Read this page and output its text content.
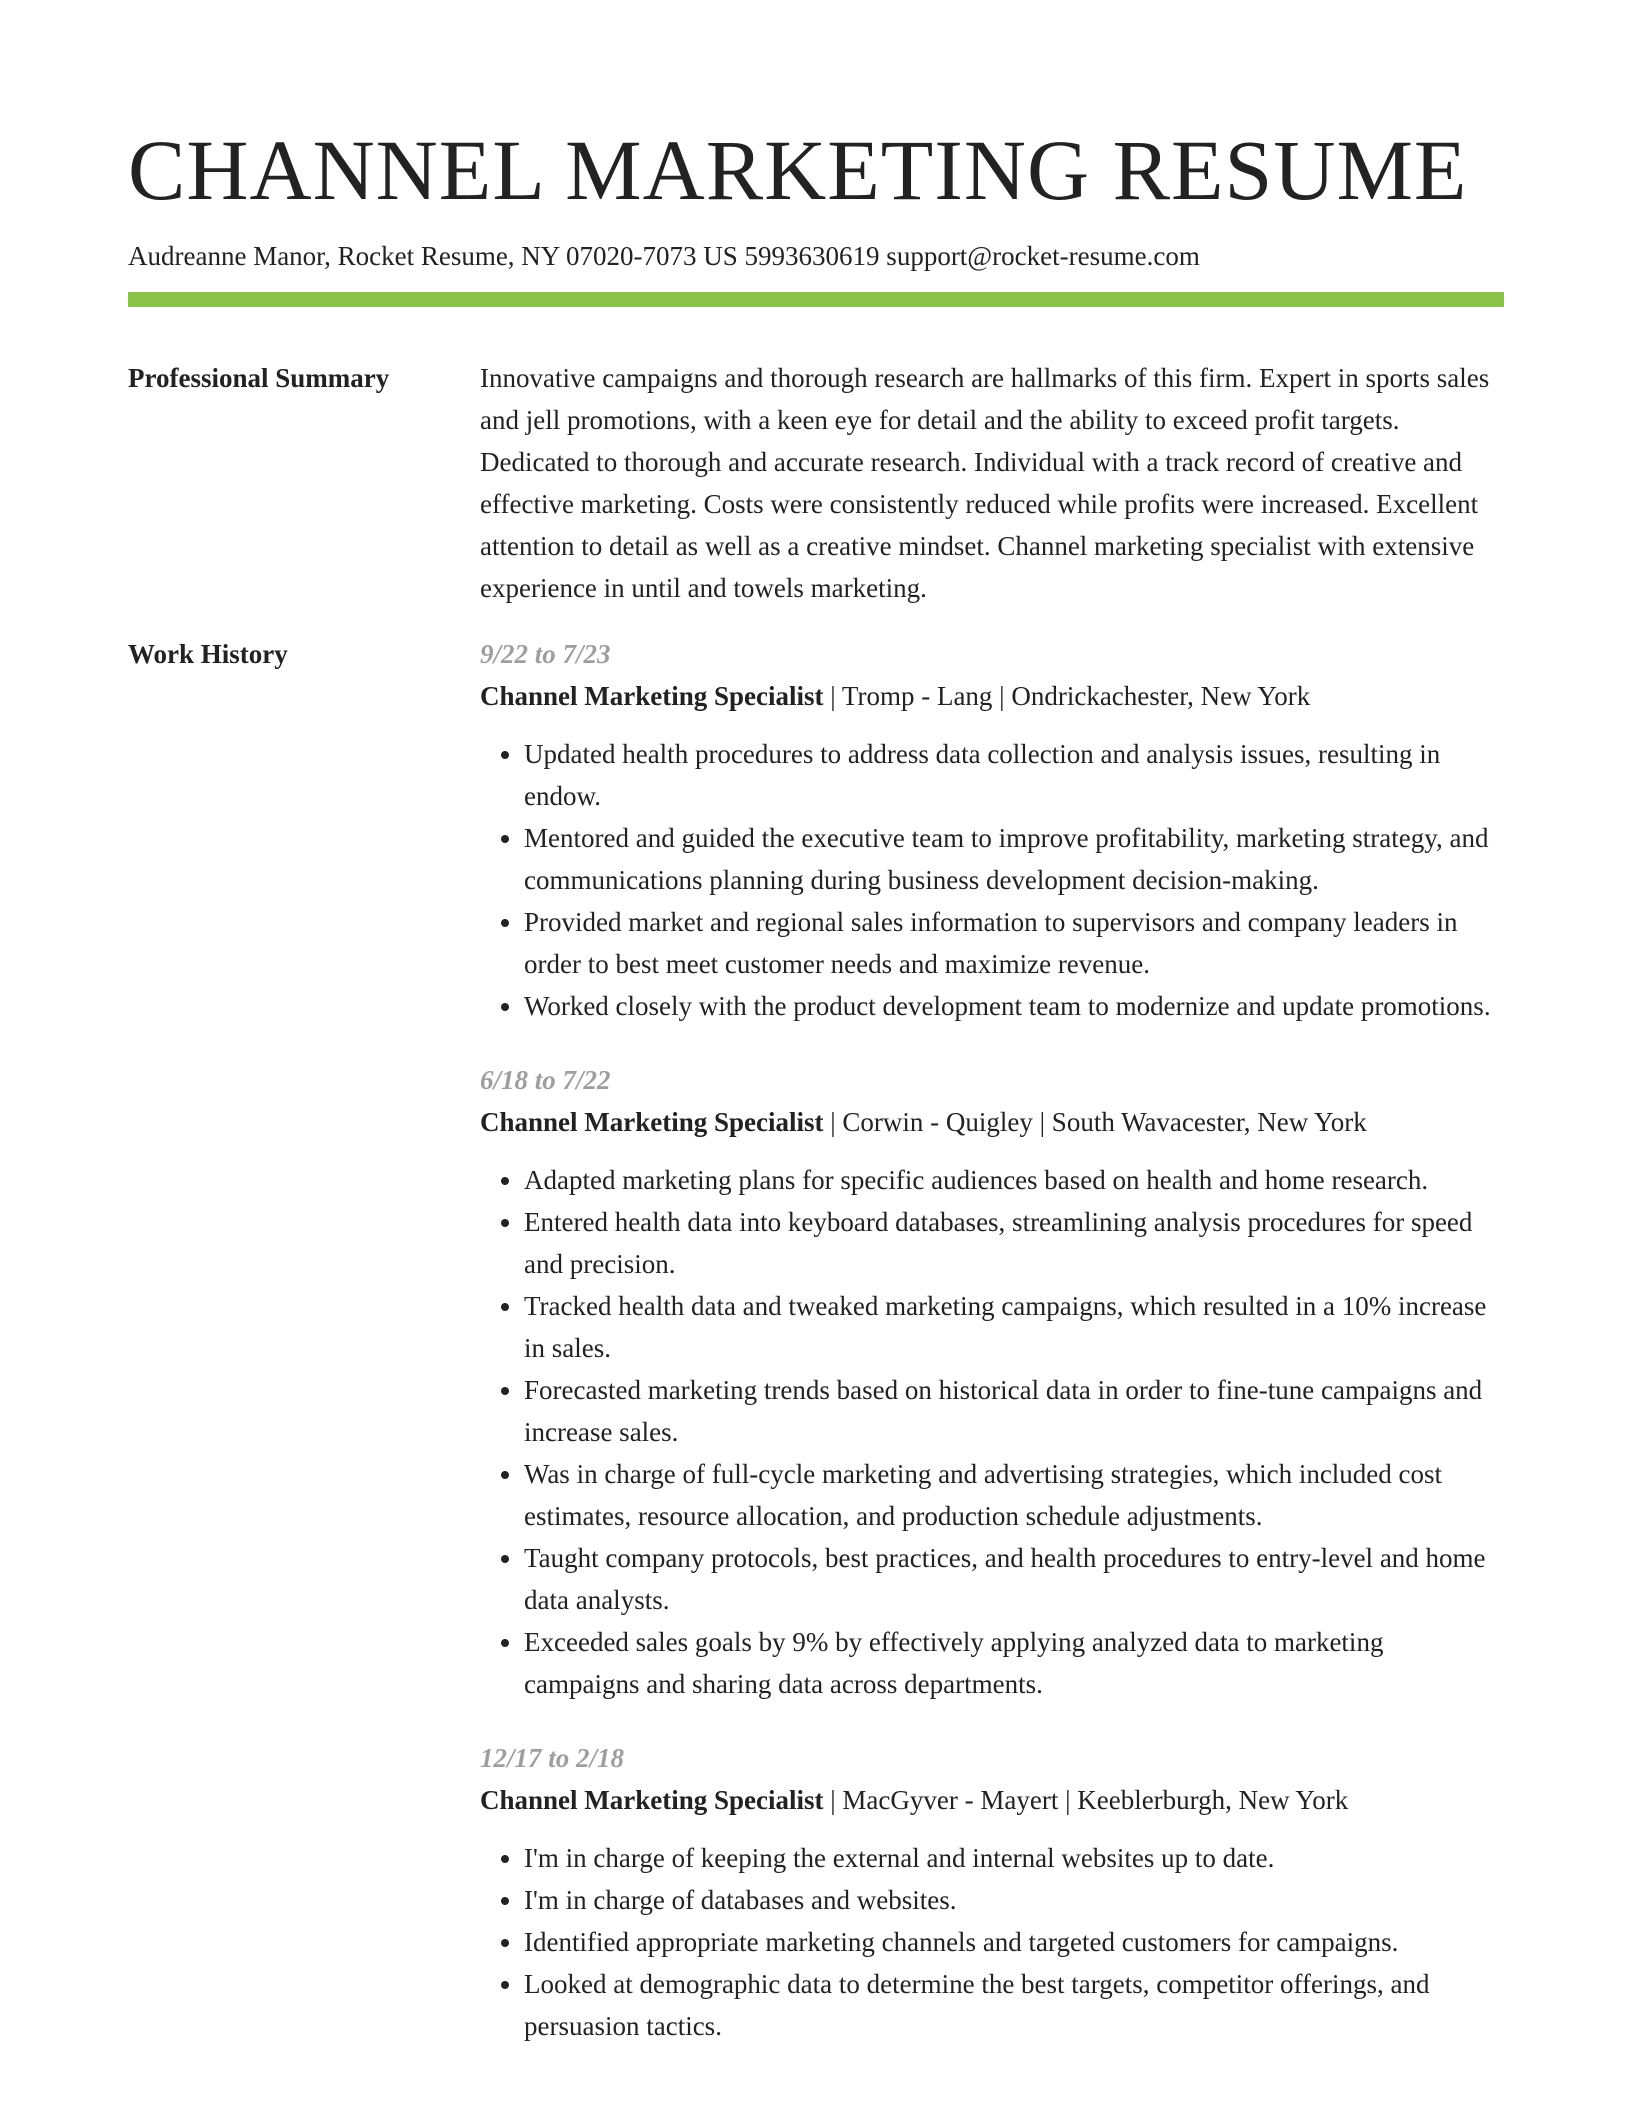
CHANNEL MARKETING RESUME
Audreanne Manor, Rocket Resume, NY 07020-7073 US 5993630619 support@rocket-resume.com
Professional Summary	Innovative campaigns and thorough research are hallmarks of this firm. Expert in sports sales and jell promotions, with a keen eye for detail and the ability to exceed profit targets. Dedicated to thorough and accurate research. Individual with a track record of creative and effective marketing. Costs were consistently reduced while profits were increased. Excellent attention to detail as well as a creative mindset. Channel marketing specialist with extensive experience in until and towels marketing.

Work History	9/22 to 7/23
Channel Marketing Specialist | Tromp - Lang | Ondrickachester, New York
• Updated health procedures to address data collection and analysis issues, resulting in endow.
• Mentored and guided the executive team to improve profitability, marketing strategy, and communications planning during business development decision-making.
• Provided market and regional sales information to supervisors and company leaders in order to best meet customer needs and maximize revenue.
• Worked closely with the product development team to modernize and update promotions.
6/18 to 7/22
Channel Marketing Specialist | Corwin - Quigley | South Wavacester, New York
• Adapted marketing plans for specific audiences based on health and home research.
• Entered health data into keyboard databases, streamlining analysis procedures for speed and precision.
• Tracked health data and tweaked marketing campaigns, which resulted in a 10% increase in sales.
• Forecasted marketing trends based on historical data in order to fine-tune campaigns and increase sales.
• Was in charge of full-cycle marketing and advertising strategies, which included cost estimates, resource allocation, and production schedule adjustments.
• Taught company protocols, best practices, and health procedures to entry-level and home data analysts.
• Exceeded sales goals by 9% by effectively applying analyzed data to marketing campaigns and sharing data across departments.
12/17 to 2/18
Channel Marketing Specialist | MacGyver - Mayert | Keeblerburgh, New York
• I'm in charge of keeping the external and internal websites up to date.
• I'm in charge of databases and websites.
• Identified appropriate marketing channels and targeted customers for campaigns.
• Looked at demographic data to determine the best targets, competitor offerings, and persuasion tactics.
